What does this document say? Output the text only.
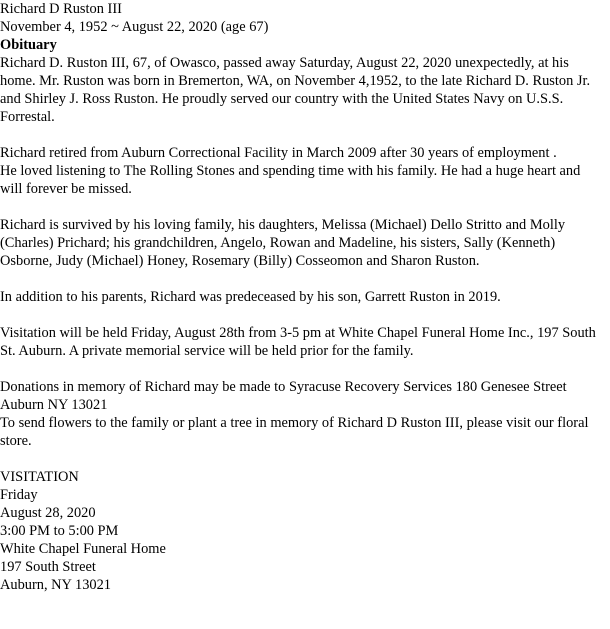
Richard D Ruston III
November 4, 1952 ~ August 22, 2020 (age 67)
Obituary
Richard D. Ruston III, 67, of Owasco, passed away Saturday, August 22, 2020 unexpectedly, at his home. Mr. Ruston was born in Bremerton, WA, on November 4,1952, to the late Richard D. Ruston Jr. and Shirley J. Ross Ruston. He proudly served our country with the United States Navy on U.S.S. Forrestal.
Richard retired from Auburn Correctional Facility in March 2009 after 30 years of employment .
He loved listening to The Rolling Stones and spending time with his family. He had a huge heart and will forever be missed.
Richard is survived by his loving family, his daughters, Melissa (Michael) Dello Stritto and Molly (Charles) Prichard; his grandchildren, Angelo, Rowan and Madeline, his sisters, Sally (Kenneth) Osborne, Judy (Michael) Honey, Rosemary (Billy) Cosseomon and Sharon Ruston.
In addition to his parents, Richard was predeceased by his son, Garrett Ruston in 2019.
Visitation will be held Friday, August 28th from 3-5 pm at White Chapel Funeral Home Inc., 197 South St. Auburn. A private memorial service will be held prior for the family.
Donations in memory of Richard may be made to Syracuse Recovery Services 180 Genesee Street Auburn NY 13021
To send flowers to the family or plant a tree in memory of Richard D Ruston III, please visit our floral store.
VISITATION
Friday
August 28, 2020
3:00 PM to 5:00 PM
White Chapel Funeral Home
197 South Street
Auburn, NY 13021
